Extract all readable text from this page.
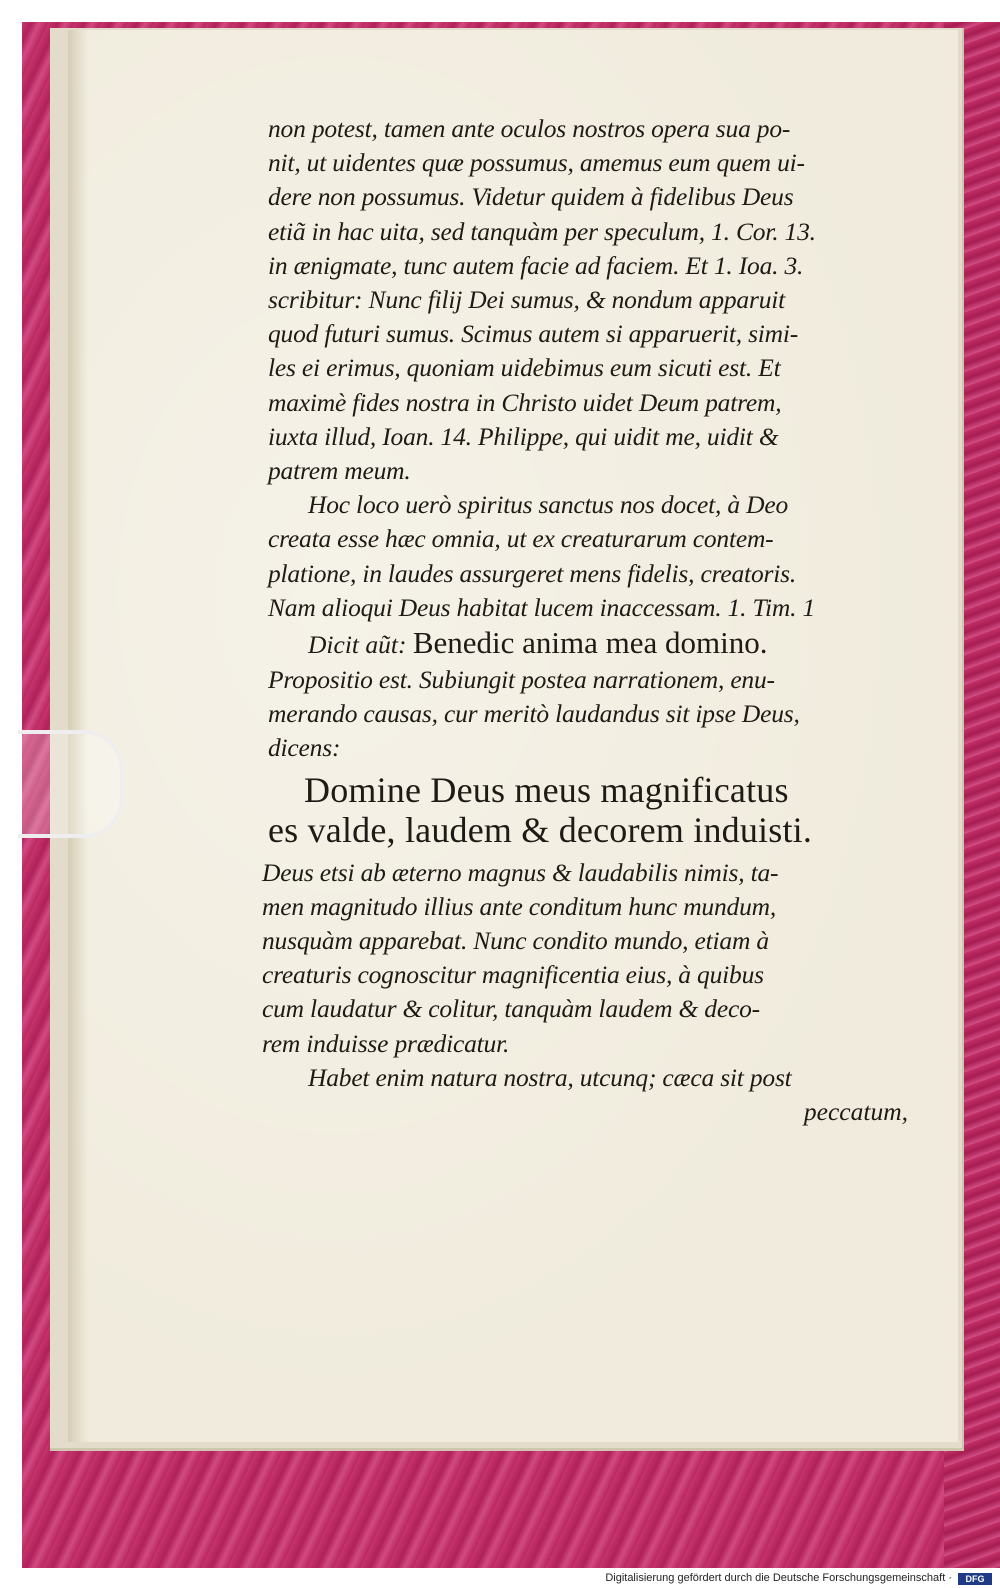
non potest, tamen ante oculos nostros opera sua po-
nit, ut uidentes quæ possumus, amemus eum quem ui-
dere non possumus. Videtur quidem à fidelibus Deus
etiã in hac uita, sed tanquàm per speculum, 1. Cor. 13.
in ænigmate, tunc autem facie ad faciem. Et 1. Ioa. 3.
scribitur: Nunc filij Dei sumus, & nondum apparuit
quod futuri sumus. Scimus autem si apparuerit, simi-
les ei erimus, quoniam uidebimus eum sicuti est. Et
maximè fides nostra in Christo uidet Deum patrem,
iuxta illud, Ioan. 14. Philippe, qui uidit me, uidit &
patrem meum.

Hoc loco uerò spiritus sanctus nos docet, à Deo
creata esse hæc omnia, ut ex creaturarum contem-
platione, in laudes assurgeret mens fidelis, creatoris.
Nam alioqui Deus habitat lucem inaccessam. 1. Tim. 1

Dicit aũt: Benedic anima mea domino.

Propositio est. Subiungit postea narrationem, enu-
merando causas, cur meritò laudandus sit ipse Deus,
dicens:

Domine Deus meus magnificatus
es valde, laudem & decorem induisti.

Deus etsi ab æterno magnus & laudabilis nimis, ta-
men magnitudo illius ante conditum hunc mundum,
nusquàm apparebat. Nunc condito mundo, etiam à
creaturis cognoscitur magnificentia eius, à quibus
cum laudatur & colitur, tanquàm laudem & deco-
rem induisse prædicatur.

Habet enim natura nostra, utcunq; cæca sit post

peccatum,

Digitalisierung gefördert durch die Deutsche Forschungsgemeinschaft ·	DFG
